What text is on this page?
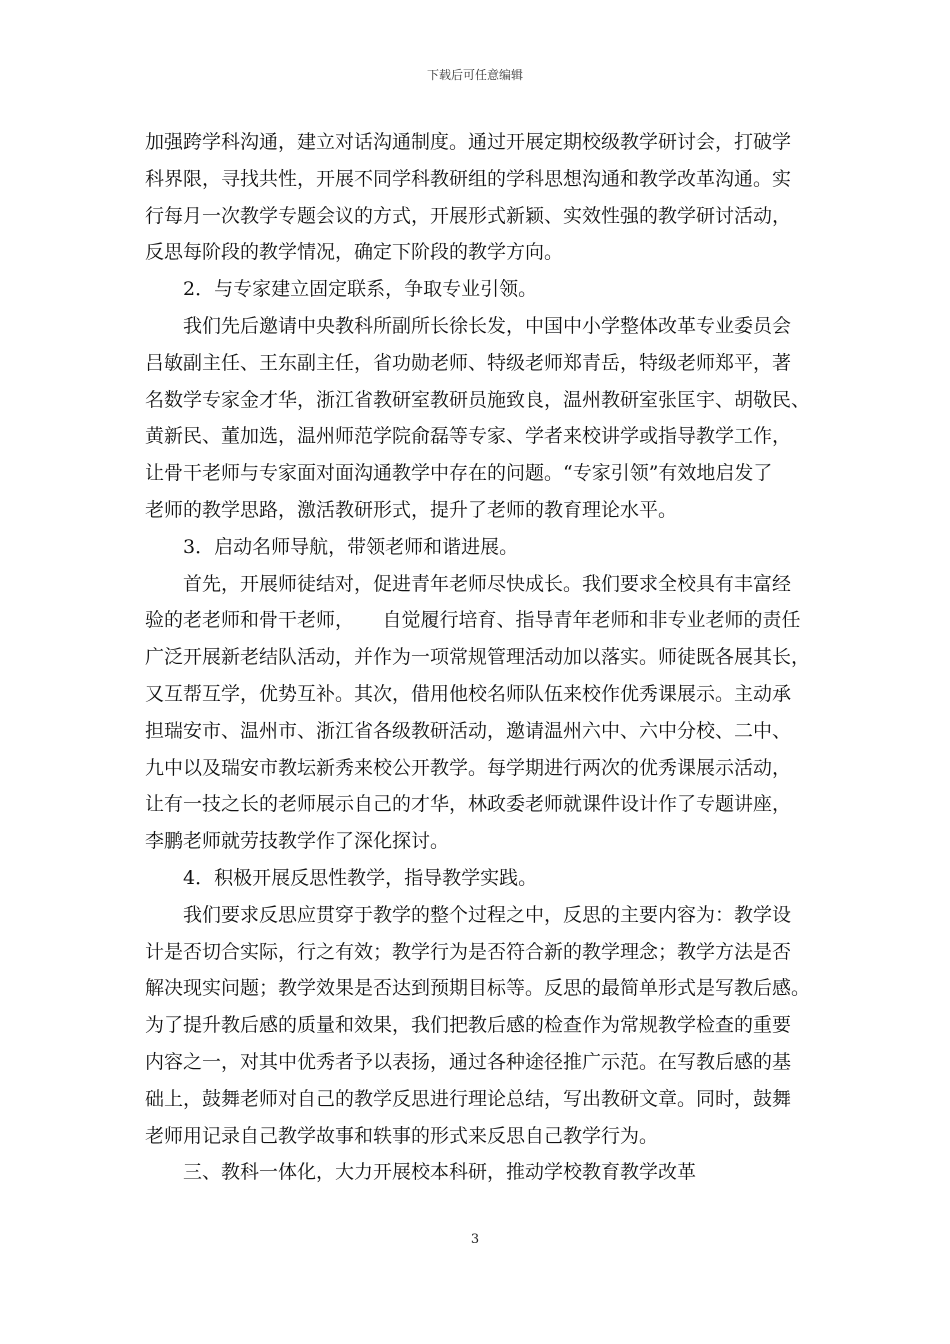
下载后可任意编辑
加强跨学科沟通，建立对话沟通制度。通过开展定期校级教学研讨会，打破学
科界限，寻找共性，开展不同学科教研组的学科思想沟通和教学改革沟通。实
行每月一次教学专题会议的方式，开展形式新颖、实效性强的教学研讨活动，
反思每阶段的教学情况，确定下阶段的教学方向。
2．与专家建立固定联系，争取专业引领。
我们先后邀请中央教科所副所长徐长发，中国中小学整体改革专业委员会
吕敏副主任、王东副主任，省功勋老师、特级老师郑青岳，特级老师郑平，著
名数学专家金才华，浙江省教研室教研员施致良，温州教研室张匡宇、胡敬民、
黄新民、董加选，温州师范学院俞磊等专家、学者来校讲学或指导教学工作，
让骨干老师与专家面对面沟通教学中存在的问题。“专家引领”有效地启发了
老师的教学思路，激活教研形式，提升了老师的教育理论水平。
3．启动名师导航，带领老师和谐进展。
首先，开展师徒结对，促进青年老师尽快成长。我们要求全校具有丰富经
验的老老师和骨干老师，　　自觉履行培育、指导青年老师和非专业老师的责任
广泛开展新老结队活动，并作为一项常规管理活动加以落实。师徒既各展其长，
又互帮互学，优势互补。其次，借用他校名师队伍来校作优秀课展示。主动承
担瑞安市、温州市、浙江省各级教研活动，邀请温州六中、六中分校、二中、
九中以及瑞安市教坛新秀来校公开教学。每学期进行两次的优秀课展示活动，
让有一技之长的老师展示自己的才华，林政委老师就课件设计作了专题讲座，
李鹏老师就劳技教学作了深化探讨。
4．积极开展反思性教学，指导教学实践。
我们要求反思应贯穿于教学的整个过程之中，反思的主要内容为：教学设
计是否切合实际，行之有效；教学行为是否符合新的教学理念；教学方法是否
解决现实问题；教学效果是否达到预期目标等。反思的最简单形式是写教后感。
为了提升教后感的质量和效果，我们把教后感的检查作为常规教学检查的重要
内容之一，对其中优秀者予以表扬，通过各种途径推广示范。在写教后感的基
础上，鼓舞老师对自己的教学反思进行理论总结，写出教研文章。同时，鼓舞
老师用记录自己教学故事和轶事的形式来反思自己教学行为。
三、教科一体化，大力开展校本科研，推动学校教育教学改革
3
